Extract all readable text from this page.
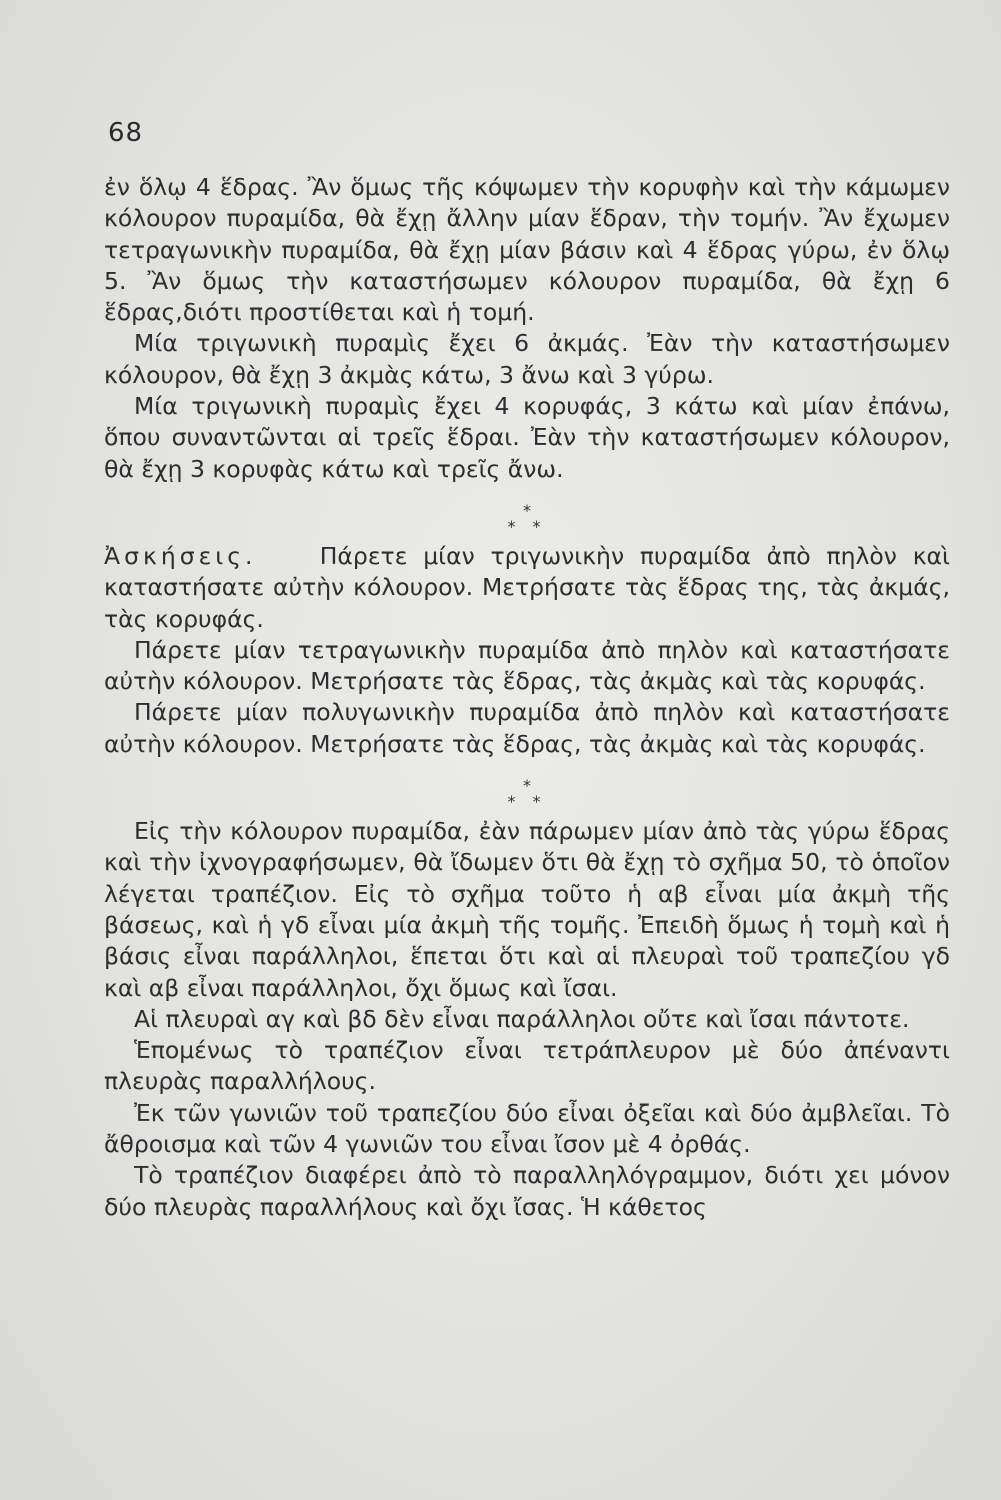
68

ἐν ὅλῳ 4 ἕδρας. Ἂν ὅμως τῆς κόψωμεν τὴν κορυφὴν καὶ τὴν κάμωμεν κόλουρον πυραμίδα, θὰ ἔχῃ ἄλλην μίαν ἕδραν, τὴν τομήν. Ἂν ἔχωμεν τετραγωνικὴν πυραμίδα, θὰ ἔχῃ μίαν βάσιν καὶ 4 ἕδρας γύρω, ἐν ὅλῳ 5. Ἂν ὅμως τὴν καταστήσωμεν κόλουρον πυραμίδα, θὰ ἔχῃ 6 ἕδρας,διότι προστίθεται καὶ ἡ τομή.

Μία τριγωνικὴ πυραμὶς ἔχει 6 ἀκμάς. Ἐὰν τὴν καταστήσωμεν κόλουρον, θὰ ἔχῃ 3 ἀκμὰς κάτω, 3 ἄνω καὶ 3 γύρω.

Μία τριγωνικὴ πυραμὶς ἔχει 4 κορυφάς, 3 κάτω καὶ μίαν ἐπάνω, ὅπου συναντῶνται αἱ τρεῖς ἕδραι. Ἐὰν τὴν καταστήσωμεν κόλουρον, θὰ ἔχῃ 3 κορυφὰς κάτω καὶ τρεῖς ἄνω.

*
* *

Ἀσκήσεις.	Πάρετε μίαν τριγωνικὴν πυραμίδα ἀπὸ πηλὸν καὶ καταστήσατε αὐτὴν κόλουρον. Μετρήσατε τὰς ἕδρας της, τὰς ἀκμάς, τὰς κορυφάς.

Πάρετε μίαν τετραγωνικὴν πυραμίδα ἀπὸ πηλὸν καὶ καταστήσατε αὐτὴν κόλουρον. Μετρήσατε τὰς ἕδρας, τὰς ἀκμὰς καὶ τὰς κορυφάς.

Πάρετε μίαν πολυγωνικὴν πυραμίδα ἀπὸ πηλὸν καὶ καταστήσατε αὐτὴν κόλουρον. Μετρήσατε τὰς ἕδρας, τὰς ἀκμὰς καὶ τὰς κορυφάς.

*
* *

Εἰς τὴν κόλουρον πυραμίδα, ἐὰν πάρωμεν μίαν ἀπὸ τὰς γύρω ἕδρας καὶ τὴν ἰχνογραφήσωμεν, θὰ ἴδωμεν ὅτι θὰ ἔχῃ τὸ σχῆμα 50, τὸ ὁποῖον λέγεται τραπέζιον. Εἰς τὸ σχῆμα τοῦτο ἡ αβ εἶναι μία ἀκμὴ τῆς βάσεως, καὶ ἡ γδ εἶναι μία ἀκμὴ τῆς τομῆς. Ἐπειδὴ ὅμως ἡ τομὴ καὶ ἡ βάσις εἶναι παράλληλοι, ἕπεται ὅτι καὶ αἱ πλευραὶ τοῦ τραπεζίου γδ καὶ αβ εἶναι παράλληλοι, ὄχι ὅμως καὶ ἴσαι.

Αἱ πλευραὶ αγ καὶ βδ δὲν εἶναι παράλληλοι οὔτε καὶ ἴσαι πάντοτε.

Ἑπομένως τὸ τραπέζιον εἶναι τετράπλευρον μὲ δύο ἀπέναντι πλευρὰς παραλλήλους.

Ἐκ τῶν γωνιῶν τοῦ τραπεζίου δύο εἶναι ὀξεῖαι καὶ δύο ἀμβλεῖαι. Τὸ ἄθροισμα καὶ τῶν 4 γωνιῶν του εἶναι ἴσον μὲ 4 ὀρθάς.

Τὸ τραπέζιον διαφέρει ἀπὸ τὸ παραλληλόγραμμον, διότι χει μόνον δύο πλευρὰς παραλλήλους καὶ ὄχι ἴσας. Ἡ κάθετος
